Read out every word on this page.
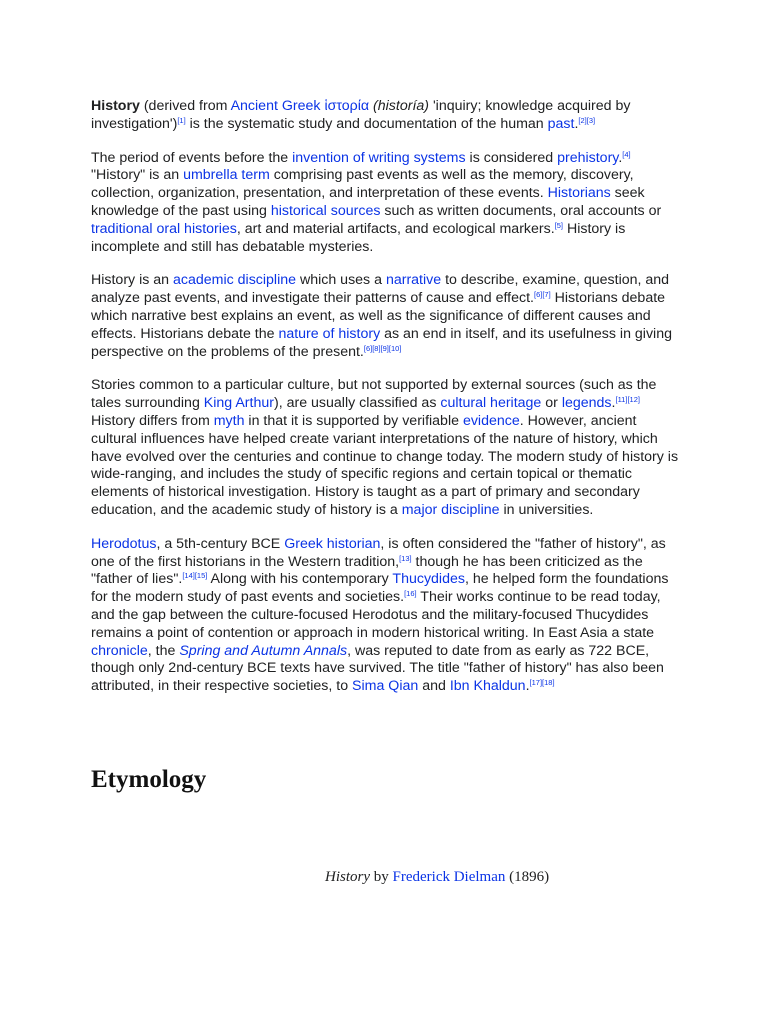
History (derived from Ancient Greek ἱστορία (historía) 'inquiry; knowledge acquired by investigation')[1] is the systematic study and documentation of the human past.[2][3]

The period of events before the invention of writing systems is considered prehistory.[4] "History" is an umbrella term comprising past events as well as the memory, discovery, collection, organization, presentation, and interpretation of these events. Historians seek knowledge of the past using historical sources such as written documents, oral accounts or traditional oral histories, art and material artifacts, and ecological markers.[5] History is incomplete and still has debatable mysteries.

History is an academic discipline which uses a narrative to describe, examine, question, and analyze past events, and investigate their patterns of cause and effect.[6][7] Historians debate which narrative best explains an event, as well as the significance of different causes and effects. Historians debate the nature of history as an end in itself, and its usefulness in giving perspective on the problems of the present.[6][8][9][10]

Stories common to a particular culture, but not supported by external sources (such as the tales surrounding King Arthur), are usually classified as cultural heritage or legends.[11][12] History differs from myth in that it is supported by verifiable evidence. However, ancient cultural influences have helped create variant interpretations of the nature of history, which have evolved over the centuries and continue to change today. The modern study of history is wide-ranging, and includes the study of specific regions and certain topical or thematic elements of historical investigation. History is taught as a part of primary and secondary education, and the academic study of history is a major discipline in universities.

Herodotus, a 5th-century BCE Greek historian, is often considered the "father of history", as one of the first historians in the Western tradition,[13] though he has been criticized as the "father of lies".[14][15] Along with his contemporary Thucydides, he helped form the foundations for the modern study of past events and societies.[16] Their works continue to be read today, and the gap between the culture-focused Herodotus and the military-focused Thucydides remains a point of contention or approach in modern historical writing. In East Asia a state chronicle, the Spring and Autumn Annals, was reputed to date from as early as 722 BCE, though only 2nd-century BCE texts have survived. The title "father of history" has also been attributed, in their respective societies, to Sima Qian and Ibn Khaldun.[17][18]

Etymology
History by Frederick Dielman (1896)
